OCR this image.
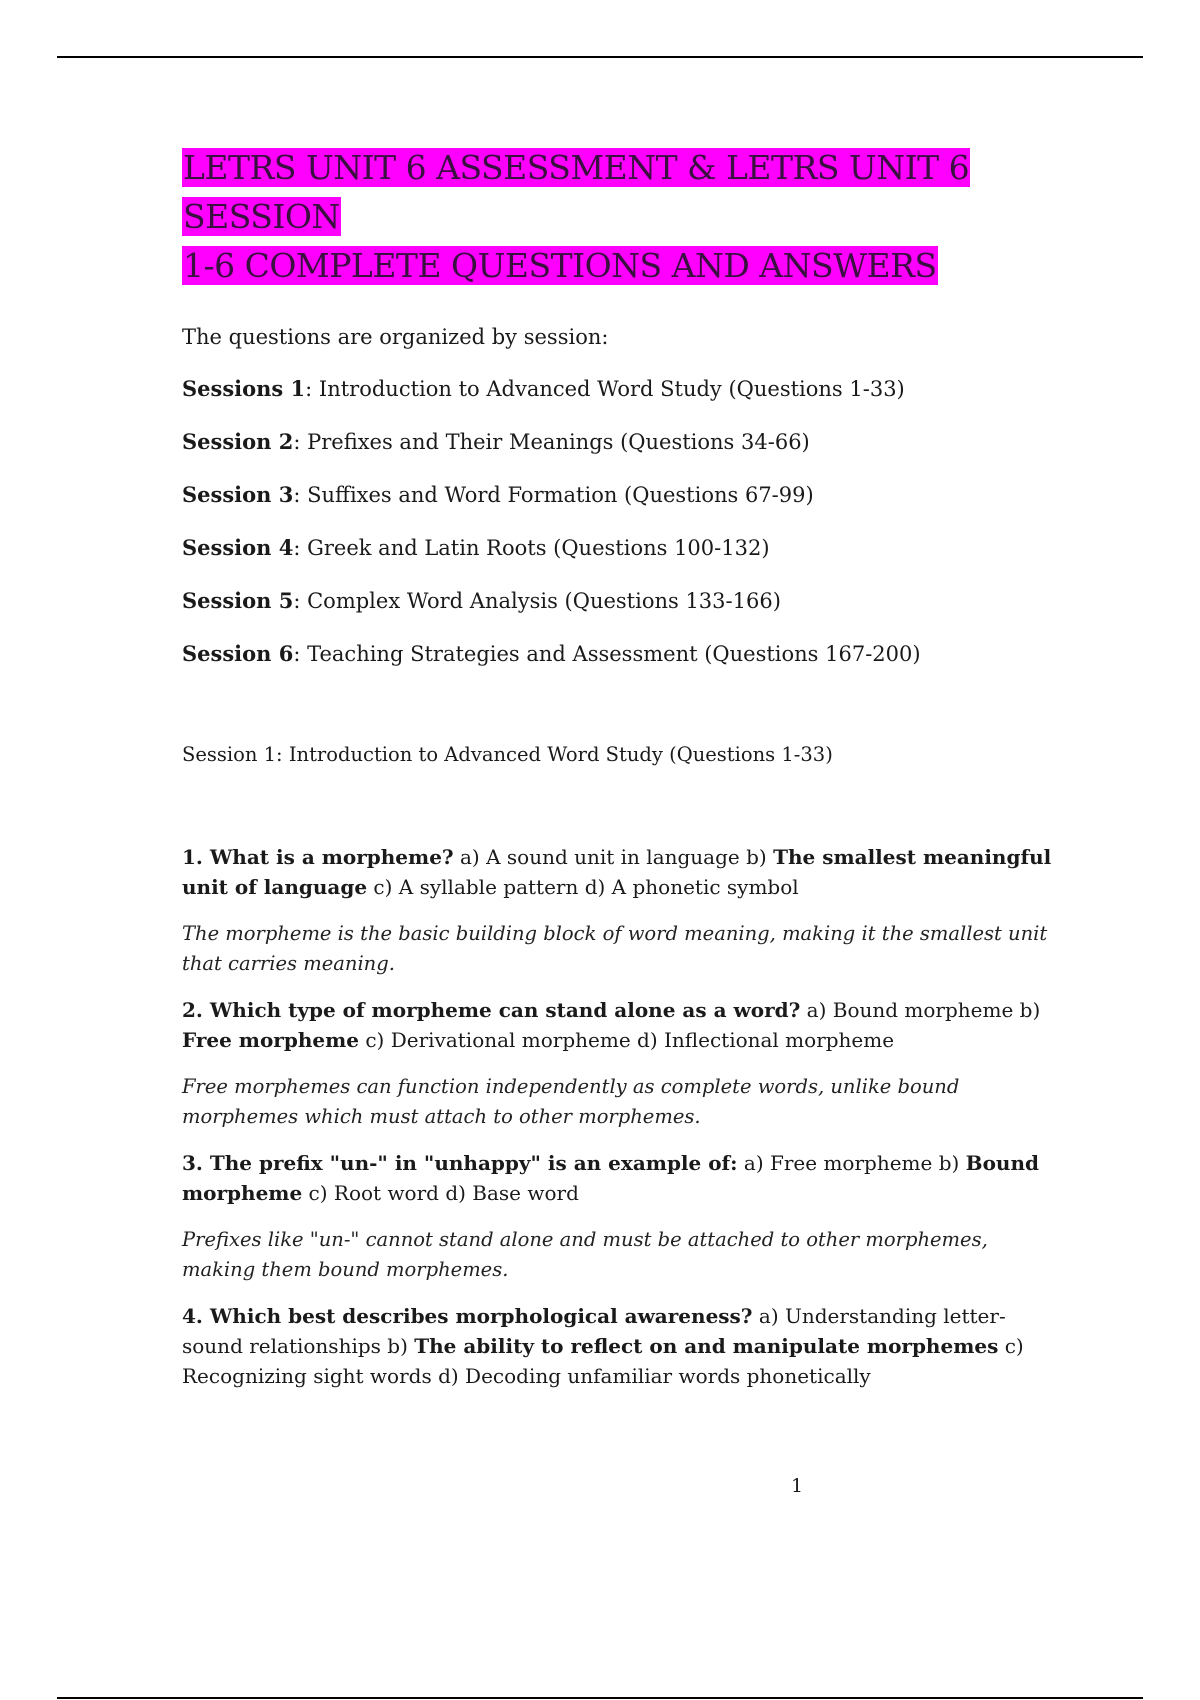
LETRS UNIT 6 ASSESSMENT & LETRS UNIT 6 SESSION
1-6 COMPLETE QUESTIONS AND ANSWERS
The questions are organized by session:
Sessions 1: Introduction to Advanced Word Study (Questions 1-33)
Session 2: Prefixes and Their Meanings (Questions 34-66)
Session 3: Suffixes and Word Formation (Questions 67-99)
Session 4: Greek and Latin Roots (Questions 100-132)
Session 5: Complex Word Analysis (Questions 133-166)
Session 6: Teaching Strategies and Assessment (Questions 167-200)
Session 1: Introduction to Advanced Word Study (Questions 1-33)

1. What is a morpheme? a) A sound unit in language b) The smallest meaningful unit of language c) A syllable pattern d) A phonetic symbol

The morpheme is the basic building block of word meaning, making it the smallest unit that carries meaning.

2. Which type of morpheme can stand alone as a word? a) Bound morpheme b) Free morpheme c) Derivational morpheme d) Inflectional morpheme

Free morphemes can function independently as complete words, unlike bound morphemes which must attach to other morphemes.

3. The prefix "un-" in "unhappy" is an example of: a) Free morpheme b) Bound morpheme c) Root word d) Base word

Prefixes like "un-" cannot stand alone and must be attached to other morphemes, making them bound morphemes.

4. Which best describes morphological awareness? a) Understanding letter-sound relationships b) The ability to reflect on and manipulate morphemes c) Recognizing sight words d) Decoding unfamiliar words phonetically

1
